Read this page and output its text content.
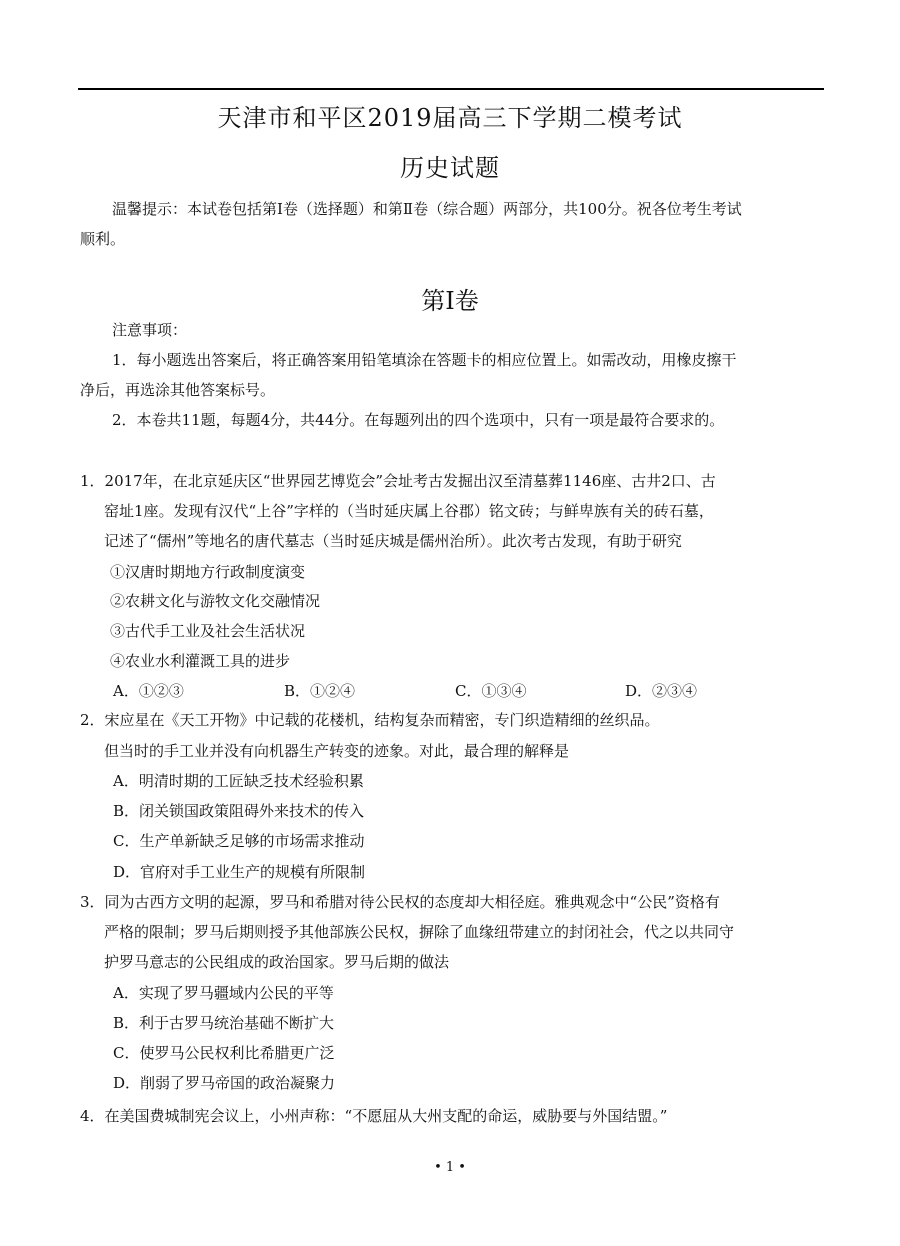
天津市和平区2019届高三下学期二模考试
历史试题
温馨提示：本试卷包括第Ⅰ卷（选择题）和第Ⅱ卷（综合题）两部分，共100分。祝各位考生考试
顺利。
第Ⅰ卷
注意事项：
1．每小题选出答案后，将正确答案用铅笔填涂在答题卡的相应位置上。如需改动，用橡皮擦干
净后，再选涂其他答案标号。
2．本卷共11题，每题4分，共44分。在每题列出的四个选项中，只有一项是最符合要求的。
1．2017年，在北京延庆区“世界园艺博览会”会址考古发掘出汉至清墓葬1146座、古井2口、古
窑址1座。发现有汉代“上谷”字样的（当时延庆属上谷郡）铭文砖；与鲜卑族有关的砖石墓，
记述了“儒州”等地名的唐代墓志（当时延庆城是儒州治所）。此次考古发现，有助于研究
①汉唐时期地方行政制度演变
②农耕文化与游牧文化交融情况
③古代手工业及社会生活状况
④农业水利灌溉工具的进步
A．①②③	B．①②④	C．①③④	D．②③④
2．宋应星在《天工开物》中记载的花楼机，结构复杂而精密，专门织造精细的丝织品。
但当时的手工业并没有向机器生产转变的迹象。对此，最合理的解释是
A．明清时期的工匠缺乏技术经验积累
B．闭关锁国政策阻碍外来技术的传入
C．生产单新缺乏足够的市场需求推动
D．官府对手工业生产的规模有所限制
3．同为古西方文明的起源，罗马和希腊对待公民权的态度却大相径庭。雅典观念中“公民”资格有
严格的限制；罗马后期则授予其他部族公民权，摒除了血缘纽带建立的封闭社会，代之以共同守
护罗马意志的公民组成的政治国家。罗马后期的做法
A．实现了罗马疆域内公民的平等
B．利于古罗马统治基础不断扩大
C．使罗马公民权利比希腊更广泛
D．削弱了罗马帝国的政治凝聚力
4．在美国费城制宪会议上，小州声称：“不愿屈从大州支配的命运，威胁要与外国结盟。”
• 1 •
